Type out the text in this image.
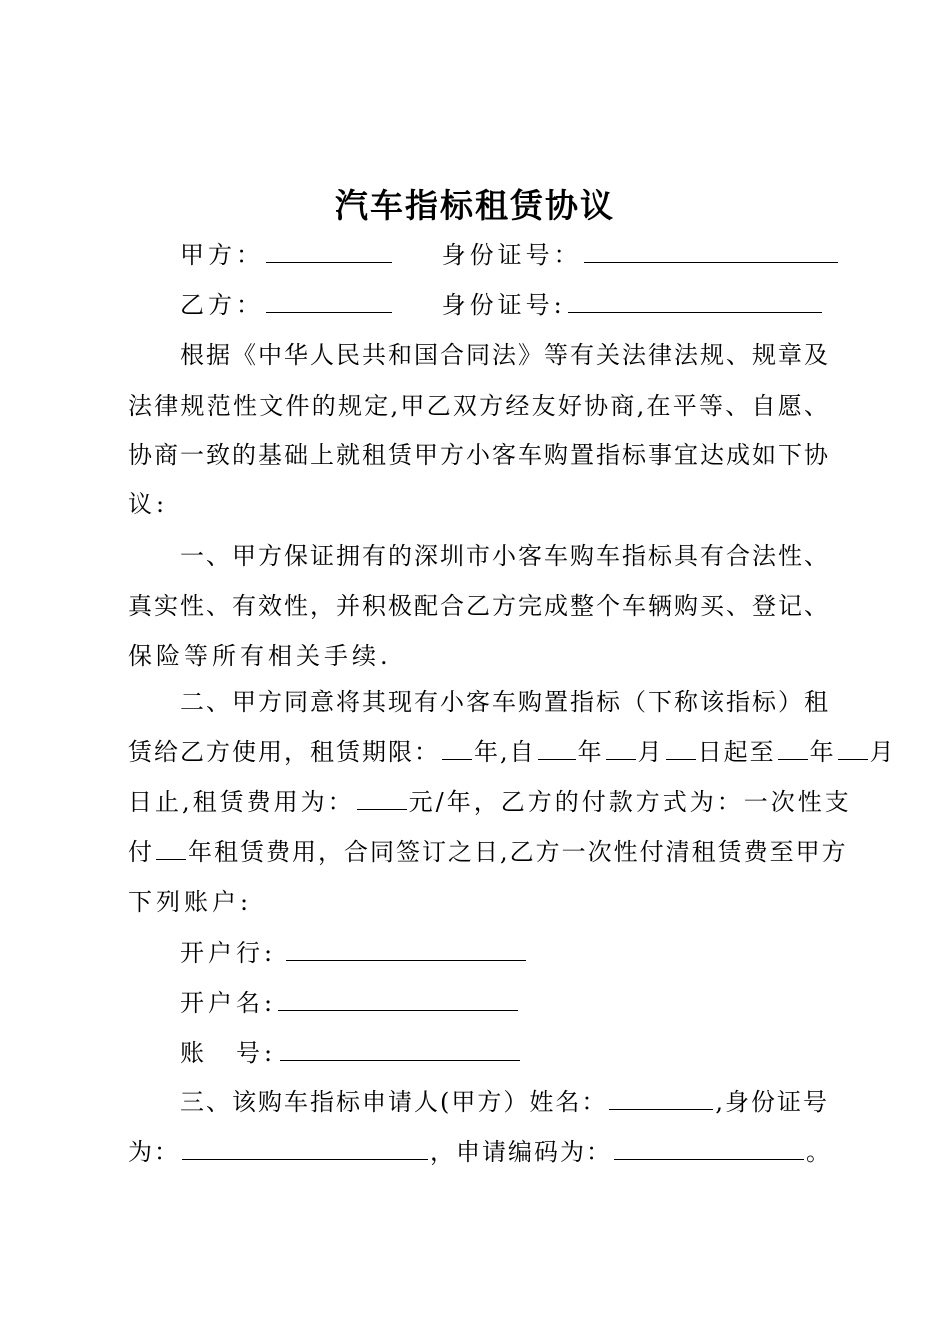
汽车指标租赁协议
甲方：	身份证号：
乙方：	身份证号:
根据《中华人民共和国合同法》等有关法律法规、规章及
法律规范性文件的规定,甲乙双方经友好协商,在平等、自愿、
协商一致的基础上就租赁甲方小客车购置指标事宜达成如下协
议:
一、甲方保证拥有的深圳市小客车购车指标具有合法性、
真实性、有效性，并积极配合乙方完成整个车辆购买、登记、
保险等所有相关手续.
二、甲方同意将其现有小客车购置指标（下称该指标）租
赁给乙方使用，租赁期限： 年,自 年 月 日起至 年 月
日止,租赁费用为： 元/年，乙方的付款方式为：一次性支
付 年租赁费用，合同签订之日,乙方一次性付清租赁费至甲方
下列账户:
开户行:
开户名:
账　号:
三、该购车指标申请人(甲方）姓名：	,身份证号
为：	，申请编码为：	。
